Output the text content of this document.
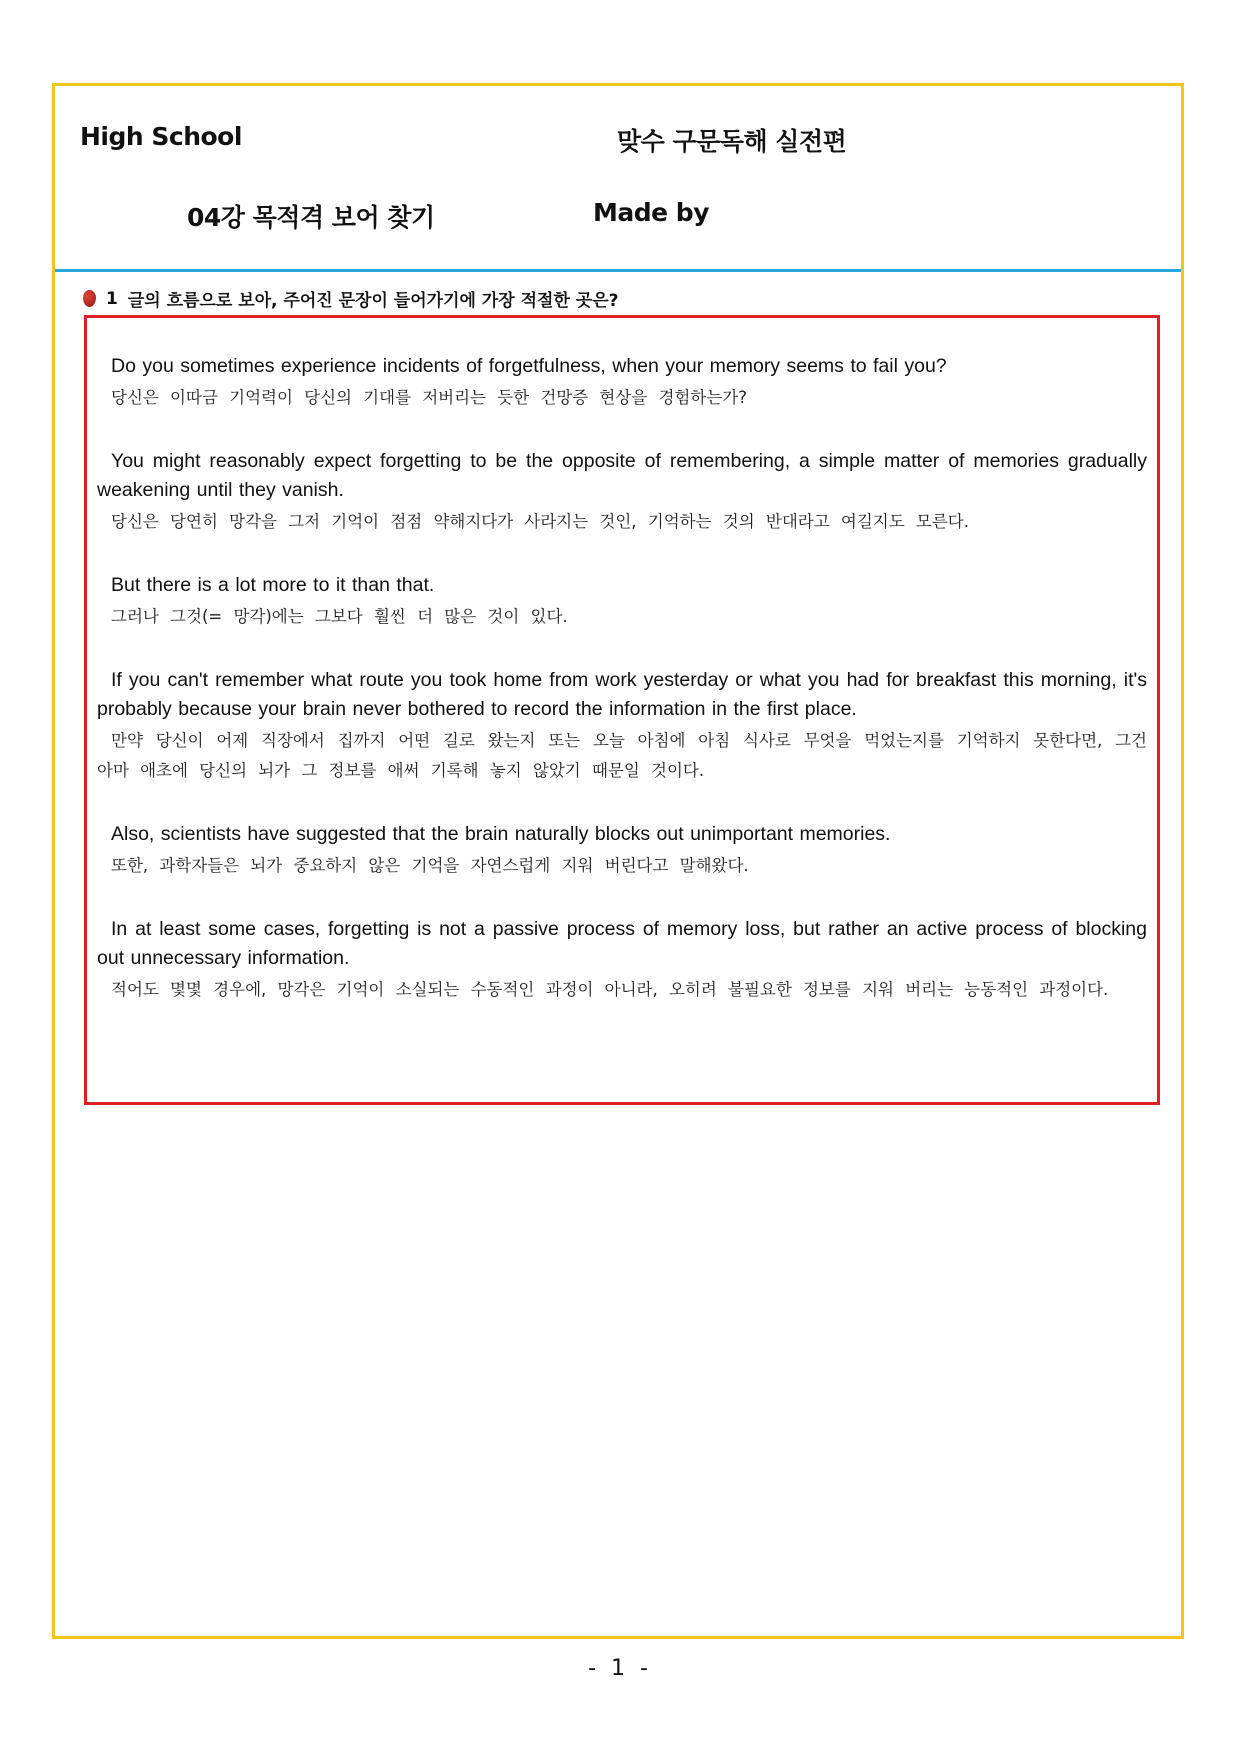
High School	맞수 구문독해 실전편
04강 목적격 보어 찾기	Made by
1 글의 흐름으로 보아, 주어진 문장이 들어가기에 가장 적절한 곳은?

Do you sometimes experience incidents of forgetfulness, when your memory seems to fail you?

당신은 이따금 기억력이 당신의 기대를 저버리는 듯한 건망증 현상을 경험하는가?

You might reasonably expect forgetting to be the opposite of remembering, a simple matter of memories gradually weakening until they vanish.

당신은 당연히 망각을 그저 기억이 점점 약해지다가 사라지는 것인, 기억하는 것의 반대라고 여길지도 모른다.

But there is a lot more to it than that.

그러나 그것(= 망각)에는 그보다 훨씬 더 많은 것이 있다.

If you can't remember what route you took home from work yesterday or what you had for breakfast this morning, it's probably because your brain never bothered to record the information in the first place.

만약 당신이 어제 직장에서 집까지 어떤 길로 왔는지 또는 오늘 아침에 아침 식사로 무엇을 먹었는지를 기억하지 못한다면, 그건 아마 애초에 당신의 뇌가 그 정보를 애써 기록해 놓지 않았기 때문일 것이다.

Also, scientists have suggested that the brain naturally blocks out unimportant memories.

또한, 과학자들은 뇌가 중요하지 않은 기억을 자연스럽게 지워 버린다고 말해왔다.

In at least some cases, forgetting is not a passive process of memory loss, but rather an active process of blocking out unnecessary information.

적어도 몇몇 경우에, 망각은 기억이 소실되는 수동적인 과정이 아니라, 오히려 불필요한 정보를 지워 버리는 능동적인 과정이다.

- 1 -
